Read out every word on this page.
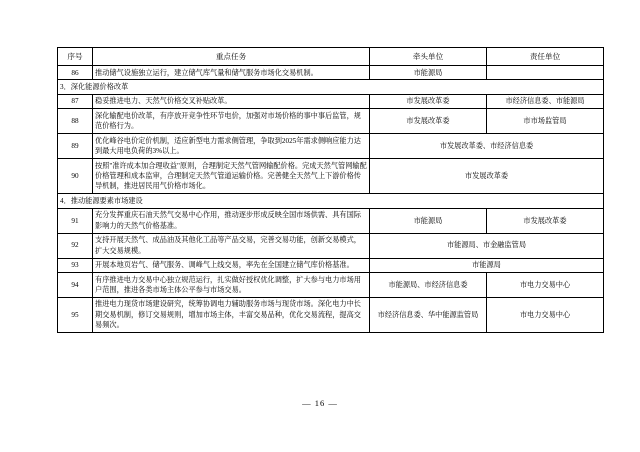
序号	重点任务	牵头单位	责任单位
86	推动储气设施独立运行，建立储气库气量和储气服务市场化交易机制。	市能源局	
3．深化能源价格改革			
87	稳妥推进电力、天然气价格交叉补贴改革。	市发展改革委	市经济信息委、市能源局
88	深化输配电价改革，有序放开竞争性环节电价，加强对市场价格的事中事后监管，规范价格行为。	市发展改革委	市市场监管局
89	优化峰谷电价定价机制，适应新型电力需求侧管理，争取到2025年需求侧响应能力达到最大用电负荷的3%以上。	市发展改革委、市经济信息委	
90	按照"准许成本加合理收益"原则，合理制定天然气管网输配价格。完成天然气管网输配价格管理和成本监审，合理制定天然气管道运输价格。完善健全天然气上下游价格传导机制，推进居民用气价格市场化。	市发展改革委	
4．推动能源要素市场建设			
91	充分发挥重庆石油天然气交易中心作用，推动逐步形成反映全国市场供需、具有国际影响力的天然气价格基准。	市能源局	市发展改革委
92	支持开展天然气、成品油及其他化工品等产品交易，完善交易功能，创新交易模式，扩大交易规模。	市能源局、市金融监管局	
93	开展本地页岩气、储气服务、调峰气上线交易，率先在全国建立储气库价格基准。	市能源局	
94	有序推进电力交易中心独立规范运行，扎实做好授权优化调整，扩大参与电力市场用户范围，推进各类市场主体公平参与市场交易。	市能源局、市经济信息委	市电力交易中心
95	推进电力现货市场建设研究，统筹协调电力辅助服务市场与现货市场。深化电力中长期交易机制，修订交易规则，增加市场主体，丰富交易品种，优化交易流程，提高交易频次。	市经济信息委、华中能源监管局	市电力交易中心
— 16 —
